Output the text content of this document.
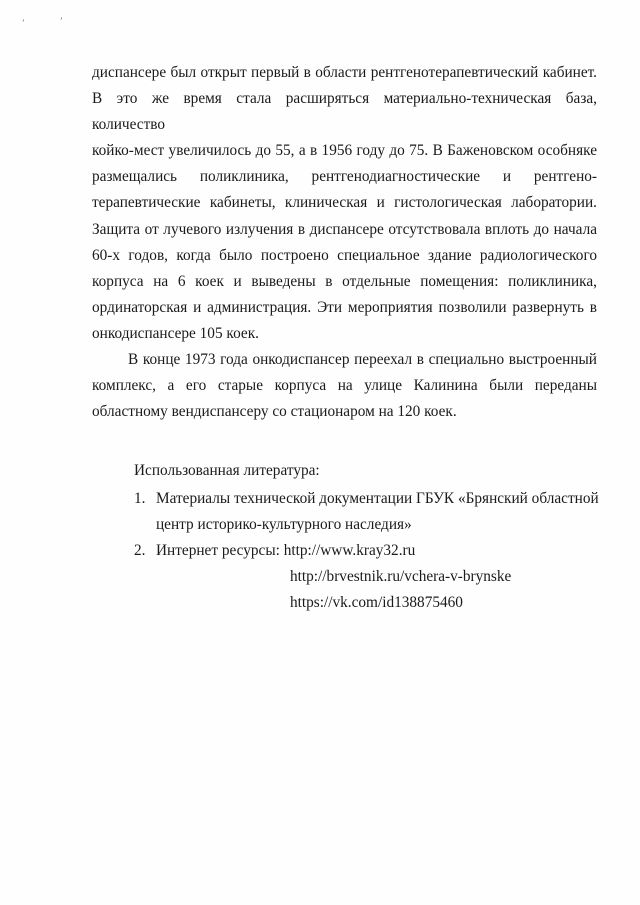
ʼ	ʼ

диспансере был открыт первый в области рентгенотерапевтический кабинет.
В это же время стала расширяться материально-техническая база, количество
койко-мест увеличилось до 55, а в 1956 году до 75. В Баженовском особняке
размещались поликлиника, рентгенодиагностические и рентгено-
терапевтические кабинеты, клиническая и гистологическая лаборатории.
Защита от лучевого излучения в диспансере отсутствовала вплоть до начала
60-х годов, когда было построено специальное здание радиологического
корпуса на 6 коек и выведены в отдельные помещения: поликлиника,
ординаторская и администрация. Эти мероприятия позволили развернуть в
онкодиспансере 105 коек.

В конце 1973 года онкодиспансер переехал в специально выстроенный
комплекс, а его старые корпуса на улице Калинина были переданы
областному вендиспансеру со стационаром на 120 коек.

Использованная литература:
1. Материалы технической документации ГБУК «Брянский областной
центр историко-культурного наследия»
2. Интернет ресурсы: http://www.kray32.ru
http://brvestnik.ru/vchera-v-brynske
https://vk.com/id138875460
